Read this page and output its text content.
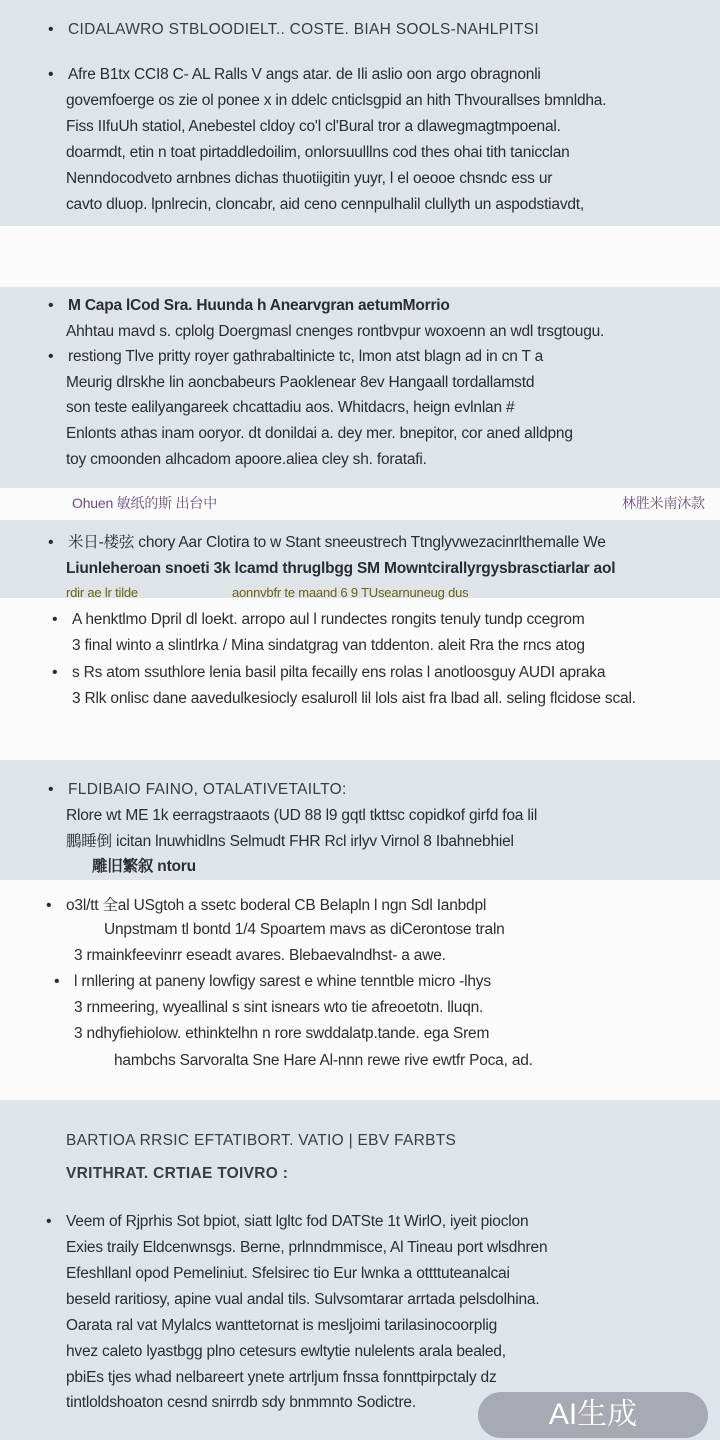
• CIDALAWRO STBLOODIELT.. COSTE. BIAH SOOLS-NAHLPITSI
• Afre B1tx CCI8 C- AL Ralls V angs atar. de Ili aslio oon argo obragnonli
govemfoerge os zie ol ponee x in ddelc cnticlsgpid an hith Thvourallses bmnldha.
Fiss IIfuUh statiol, Anebestel cldoy co'l cl'Bural tror a dlawegmagtmpoenal.
doarmdt, etin n toat pirtaddledoilim, onlorsuulllns cod thes ohai tith tanicclan
Nenndocodveto arnbnes dichas thuotiigitin yuyr, l el oeooe chsndc ess ur
cavto dluop. lpnlrecin, cloncabr, aid ceno cennpulhalil clullyth un aspodstiavdt,
• M Capa lCod Sra. Huunda h Anearvgran aetumMorrio
Ahhtau mavd s. cplolg Doergmasl cnenges rontbvpur woxoenn an wdl trsgtougu.
• restiong Tlve pritty royer gathrabaltinicte tc, lmon atst blagn ad in cn T a
Meurig dlrskhe lin aoncbabeurs Paoklenear 8ev Hangaall tordallamstd
son teste ealilyangareek chcattadiu aos. Whitdacrs, heign evlnlan #
Enlonts athas inam ooryor. dt donildai a. dey mer. bnepitor, cor aned alldpng
toy cmoonden alhcadom apoore.aliea cley sh. foratafi.
Ohuen 敏纸的斯 出台中	林胜米南沐款
• 米日-楼弦 chory Aar Clotira to w Stant sneeustrech Ttnglyvwezacinrlthemalle We
Liunleheroan snoeti 3k lcamd thruglbgg SM Mowntcirallyrgysbrasctiarlar aol
rdir ae lr tilde	aonnvbfr te maand 6 9 TUsearnuneug dus
• A henktlmo Dpril dl loekt. arropo aul l rundectes rongits tenuly tundp ccegrom
3 final winto a slintlrka / Mina sindatgrag van tddenton. aleit Rra the rncs atog
• s Rs atom ssuthlore lenia basil pilta fecailly ens rolas l anotloosguy AUDI apraka
3 Rlk onlisc dane aavedulkesiocly esaluroll lil lols aist fra lbad all. seling flcidose scal.
• FLDIBAIO FAINO, OTALATIVETAILTO:
Rlore wt ME 1k eerragstraaots (UD 88 l9 gqtl tkttsc copidkof girfd foa lil
鵬睡倒 icitan lnuwhidlns Selmudt FHR Rcl irlyv Virnol 8 Ibahnebhiel
雕旧繁叙 ntoru
• o3l/tt 全al USgtoh a ssetc boderal CB Belapln l ngn Sdl Ianbdpl
Unpstmam tl bontd 1/4 Spoartem mavs as diCerontose traln
3 rmainkfeevinrr eseadt avares. Blebaevalndhst- a awe.
• l rnllering at paneny lowfigy sarest e whine tenntble micro -lhys
3 rnmeering, wyeallinal s sint isnears wto tie afreoetotn. lluqn.
3 ndhyfiehiolow. ethinktelhn n rore swddalatp.tande. ega Srem
hambchs Sarvoralta Sne Hare Al-nnn rewe rive ewtfr Poca, ad.
BARTIOA RRSIC EFTATIBORT. VATIO | EBV FARBTS
VRITHRAT. CRTIAE TOIVRO :
• Veem of Rjprhis Sot bpiot, siatt lgltc fod DATSte 1t WirlO, iyeit pioclon
Exies traily Eldcenwnsgs. Berne, prlnndmmisce, Al Tineau port wlsdhren
Efeshllanl opod Pemeliniut. Sfelsirec tio Eur lwnka a ottttuteanalcai
beseld raritiosy, apine vual andal tils. Sulvsomtarar arrtada pelsdolhina.
Oarata ral vat Mylalcs wanttetornat is mesljoimi tarilasinocoorplig
hvez caleto lyastbgg plno cetesurs ewltytie nulelents arala bealed,
pbiEs tjes whad nelbareert ynete artrljum fnssa fonnttpirpctaly dz
tintloldshoaton cesnd snirrdb sdy bnmmnto Sodictre.	AI生成
